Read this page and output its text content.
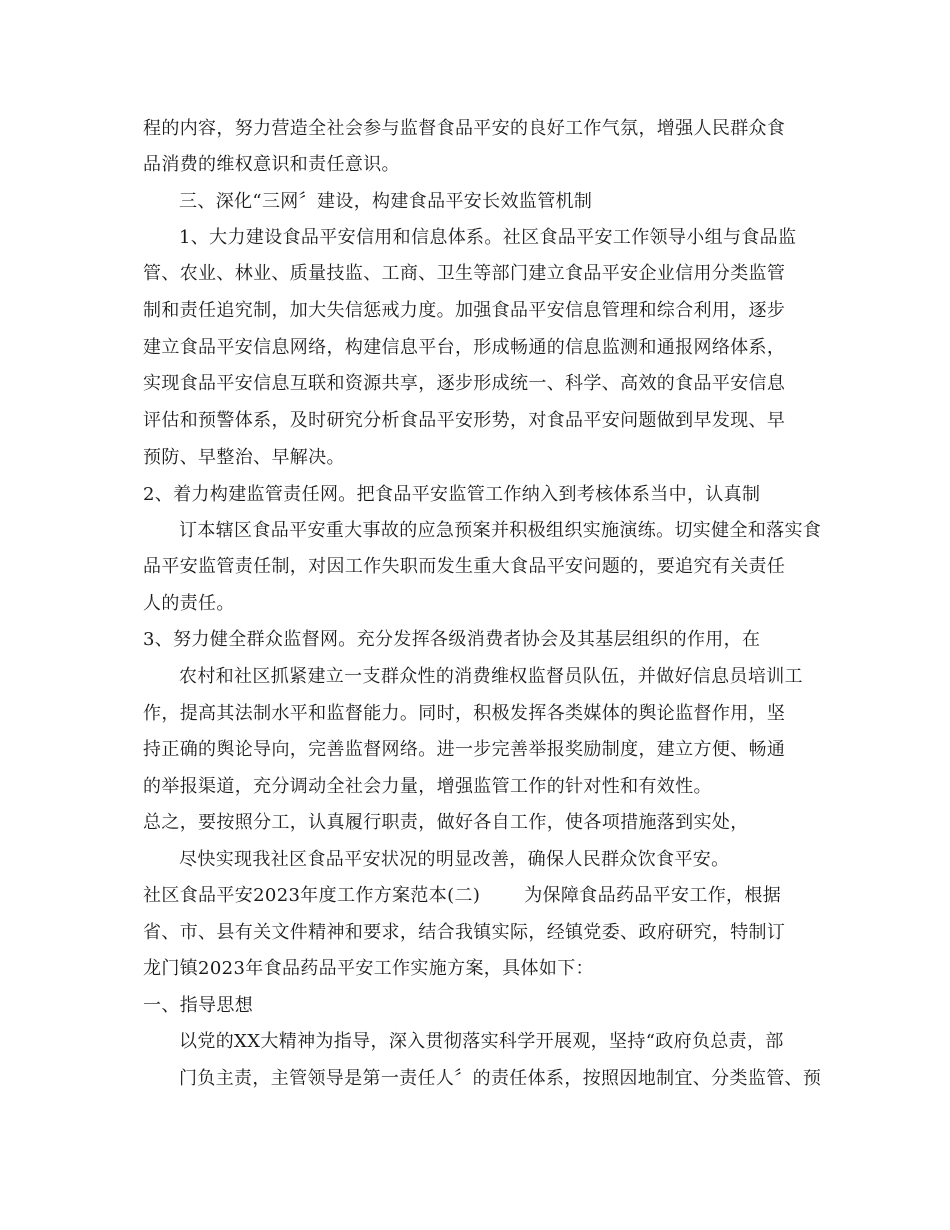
程的内容，努力营造全社会参与监督食品平安的良好工作气氛，增强人民群众食

品消费的维权意识和责任意识。

三、深化“三网〞建设，构建食品平安长效监管机制

1、大力建设食品平安信用和信息体系。社区食品平安工作领导小组与食品监

管、农业、林业、质量技监、工商、卫生等部门建立食品平安企业信用分类监管

制和责任追究制，加大失信惩戒力度。加强食品平安信息管理和综合利用，逐步

建立食品平安信息网络，构建信息平台，形成畅通的信息监测和通报网络体系，

实现食品平安信息互联和资源共享，逐步形成统一、科学、高效的食品平安信息

评估和预警体系，及时研究分析食品平安形势，对食品平安问题做到早发现、早

预防、早整治、早解决。

2、着力构建监管责任网。把食品平安监管工作纳入到考核体系当中，认真制

订本辖区食品平安重大事故的应急预案并积极组织实施演练。切实健全和落实食

品平安监管责任制，对因工作失职而发生重大食品平安问题的，要追究有关责任

人的责任。

3、努力健全群众监督网。充分发挥各级消费者协会及其基层组织的作用，在

农村和社区抓紧建立一支群众性的消费维权监督员队伍，并做好信息员培训工

作，提高其法制水平和监督能力。同时，积极发挥各类媒体的舆论监督作用，坚

持正确的舆论导向，完善监督网络。进一步完善举报奖励制度，建立方便、畅通

的举报渠道，充分调动全社会力量，增强监管工作的针对性和有效性。

总之，要按照分工，认真履行职责，做好各自工作，使各项措施落到实处，

尽快实现我社区食品平安状况的明显改善，确保人民群众饮食平安。

社区食品平安2023年度工作方案范本(二) 为保障食品药品平安工作，根据

省、市、县有关文件精神和要求，结合我镇实际，经镇党委、政府研究，特制订

龙门镇2023年食品药品平安工作实施方案，具体如下：

一、指导思想

以党的XX大精神为指导，深入贯彻落实科学开展观，坚持“政府负总责，部

门负主责，主管领导是第一责任人〞的责任体系，按照因地制宜、分类监管、预
